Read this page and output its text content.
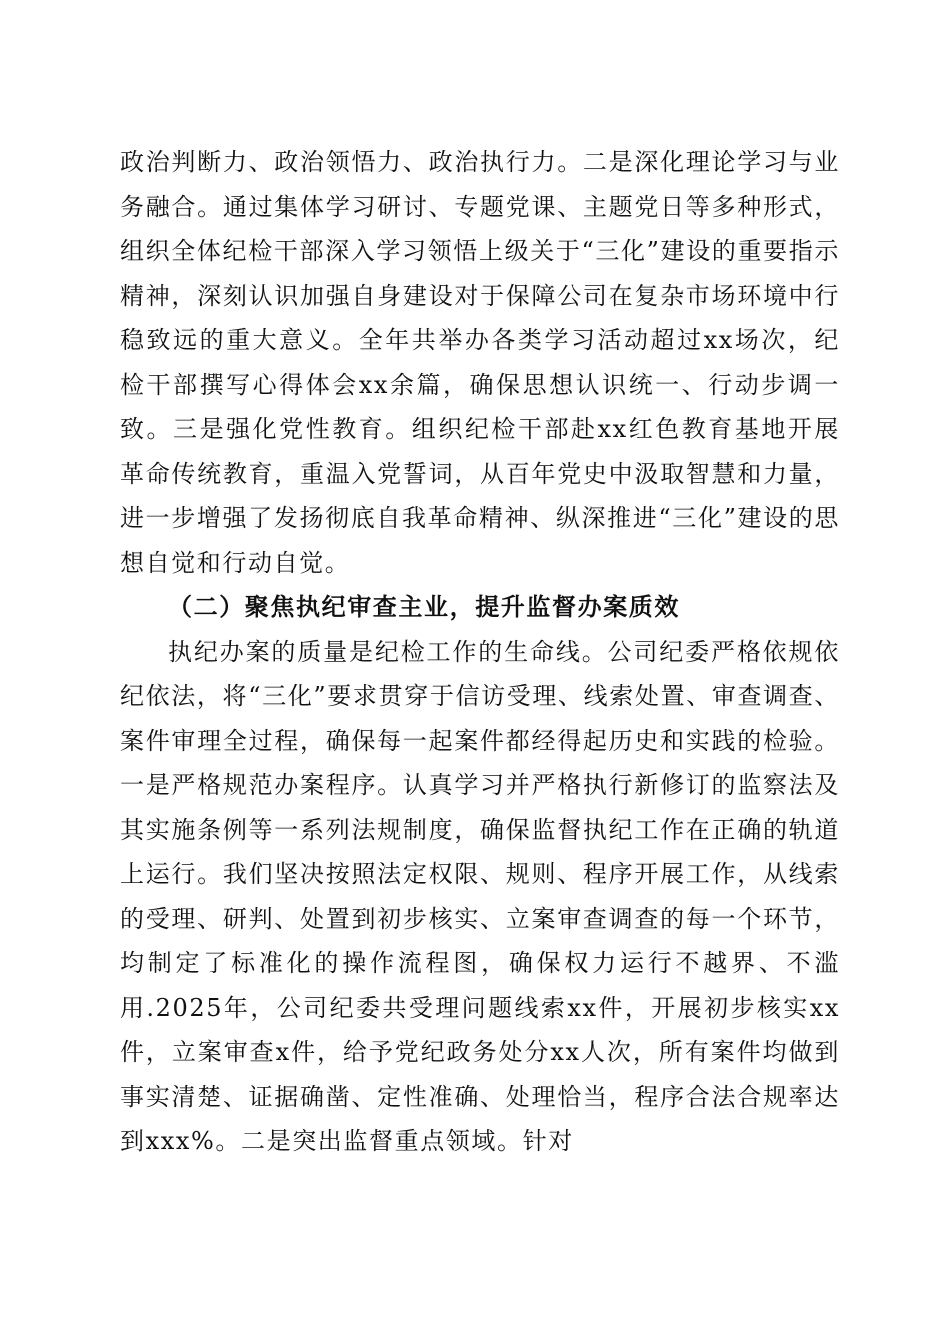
政治判断力、政治领悟力、政治执行力。二是深化理论学习与业务融合。通过集体学习研讨、专题党课、主题党日等多种形式，组织全体纪检干部深入学习领悟上级关于“三化”建设的重要指示精神，深刻认识加强自身建设对于保障公司在复杂市场环境中行稳致远的重大意义。全年共举办各类学习活动超过xx场次，纪检干部撰写心得体会xx余篇，确保思想认识统一、行动步调一致。三是强化党性教育。组织纪检干部赴xx红色教育基地开展革命传统教育，重温入党誓词，从百年党史中汲取智慧和力量，进一步增强了发扬彻底自我革命精神、纵深推进“三化”建设的思想自觉和行动自觉。

（二）聚焦执纪审查主业，提升监督办案质效

执纪办案的质量是纪检工作的生命线。公司纪委严格依规依纪依法，将“三化”要求贯穿于信访受理、线索处置、审查调查、案件审理全过程，确保每一起案件都经得起历史和实践的检验。一是严格规范办案程序。认真学习并严格执行新修订的监察法及其实施条例等一系列法规制度，确保监督执纪工作在正确的轨道上运行。我们坚决按照法定权限、规则、程序开展工作，从线索的受理、研判、处置到初步核实、立案审查调查的每一个环节，均制定了标准化的操作流程图，确保权力运行不越界、不滥用.2025年，公司纪委共受理问题线索xx件，开展初步核实xx件，立案审查x件，给予党纪政务处分xx人次，所有案件均做到事实清楚、证据确凿、定性准确、处理恰当，程序合法合规率达到xxx%。二是突出监督重点领域。针对
